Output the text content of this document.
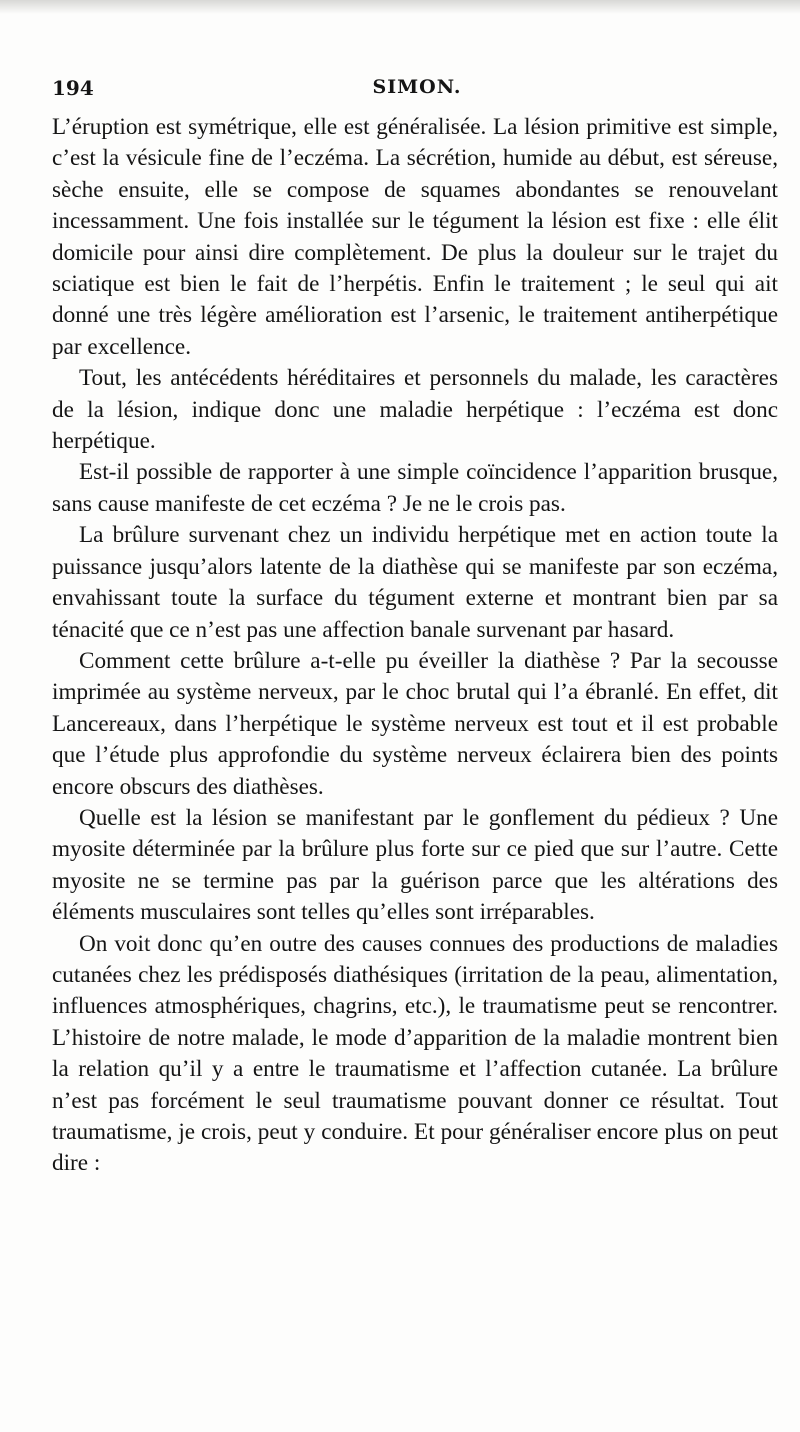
194	SIMON.

L’éruption est symétrique, elle est généralisée. La lésion primitive est simple, c’est la vésicule fine de l’eczéma. La sécrétion, humide au début, est séreuse, sèche ensuite, elle se compose de squames abondantes se renouvelant incessamment. Une fois installée sur le tégument la lésion est fixe : elle élit domicile pour ainsi dire complètement. De plus la douleur sur le trajet du sciatique est bien le fait de l’herpétis. Enfin le traitement ; le seul qui ait donné une très légère amélioration est l’arsenic, le traitement antiherpétique par excellence.

Tout, les antécédents héréditaires et personnels du malade, les caractères de la lésion, indique donc une maladie herpétique : l’eczéma est donc herpétique.

Est-il possible de rapporter à une simple coïncidence l’apparition brusque, sans cause manifeste de cet eczéma ? Je ne le crois pas.

La brûlure survenant chez un individu herpétique met en action toute la puissance jusqu’alors latente de la diathèse qui se manifeste par son eczéma, envahissant toute la surface du tégument externe et montrant bien par sa ténacité que ce n’est pas une affection banale survenant par hasard.

Comment cette brûlure a-t-elle pu éveiller la diathèse ? Par la secousse imprimée au système nerveux, par le choc brutal qui l’a ébranlé. En effet, dit Lancereaux, dans l’herpétique le système nerveux est tout et il est probable que l’étude plus approfondie du système nerveux éclairera bien des points encore obscurs des diathèses.

Quelle est la lésion se manifestant par le gonflement du pédieux ? Une myosite déterminée par la brûlure plus forte sur ce pied que sur l’autre. Cette myosite ne se termine pas par la guérison parce que les altérations des éléments musculaires sont telles qu’elles sont irréparables.

On voit donc qu’en outre des causes connues des productions de maladies cutanées chez les prédisposés diathésiques (irritation de la peau, alimentation, influences atmosphériques, chagrins, etc.), le traumatisme peut se rencontrer. L’histoire de notre malade, le mode d’apparition de la maladie montrent bien la relation qu’il y a entre le traumatisme et l’affection cutanée. La brûlure n’est pas forcément le seul traumatisme pouvant donner ce résultat. Tout traumatisme, je crois, peut y conduire. Et pour généraliser encore plus on peut dire :
